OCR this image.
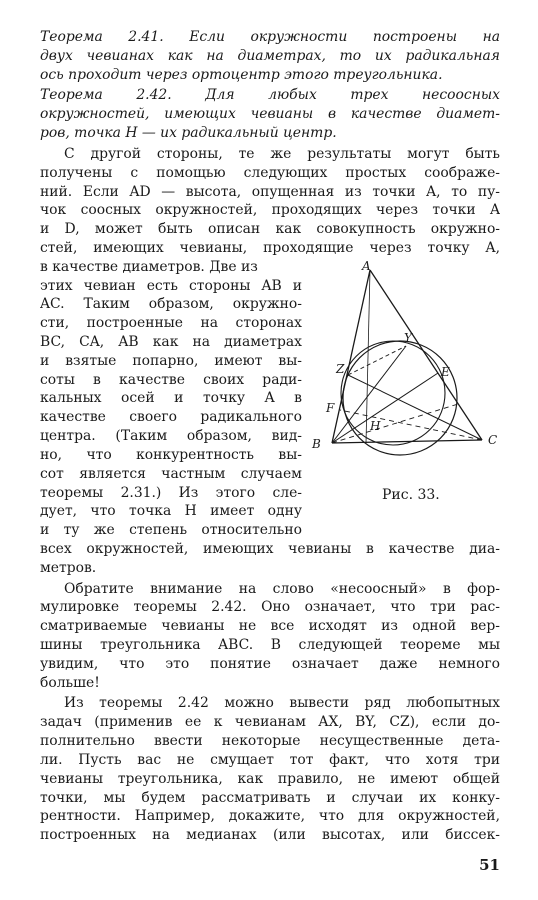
Теорема 2.41. Если окружности построены на
двух чевианах как на диаметрах, то их радикальная
ось проходит через ортоцентр этого треугольника.
Теорема 2.42. Для любых трех несоосных
окружностей, имеющих чевианы в качестве диамет-
ров, точка H — их радикальный центр.
С другой стороны, те же результаты могут быть
получены с помощью следующих простых соображе-
ний. Если AD — высота, опущенная из точки A, то пу-
чок соосных окружностей, проходящих через точки A
и D, может быть описан как совокупность окружно-
стей, имеющих чевианы, проходящие через точку A,
в качестве диаметров. Две из
этих чевиан есть стороны AB и
AC. Таким образом, окружно-
сти, построенные на сторонах
BC, CA, AB как на диаметрах
и взятые попарно, имеют вы-
соты в качестве своих ради-
кальных осей и точку A в
качестве своего радикального
центра. (Таким образом, вид-
но, что конкурентность вы-
сот является частным случаем
теоремы 2.31.) Из этого сле-
дует, что точка H имеет одну
и ту же степень относительно
всех окружностей, имеющих чевианы в качестве диа-
метров.
Обратите внимание на слово «несоосный» в фор-
мулировке теоремы 2.42. Оно означает, что три рас-
сматриваемые чевианы не все исходят из одной вер-
шины треугольника ABC. В следующей теореме мы
увидим, что это понятие означает даже немного
больше!
Из теоремы 2.42 можно вывести ряд любопытных
задач (применив ее к чевианам AX, BY, CZ), если до-
полнительно ввести некоторые несущественные дета-
ли. Пусть вас не смущает тот факт, что хотя три
чевианы треугольника, как правило, не имеют общей
точки, мы будем рассматривать и случаи их конку-
A
B	C
Y
Z	E
F
H
Рис. 33.
51
рентности. Например, докажите, что для окружностей,
построенных на медианах (или высотах, или биссек-
